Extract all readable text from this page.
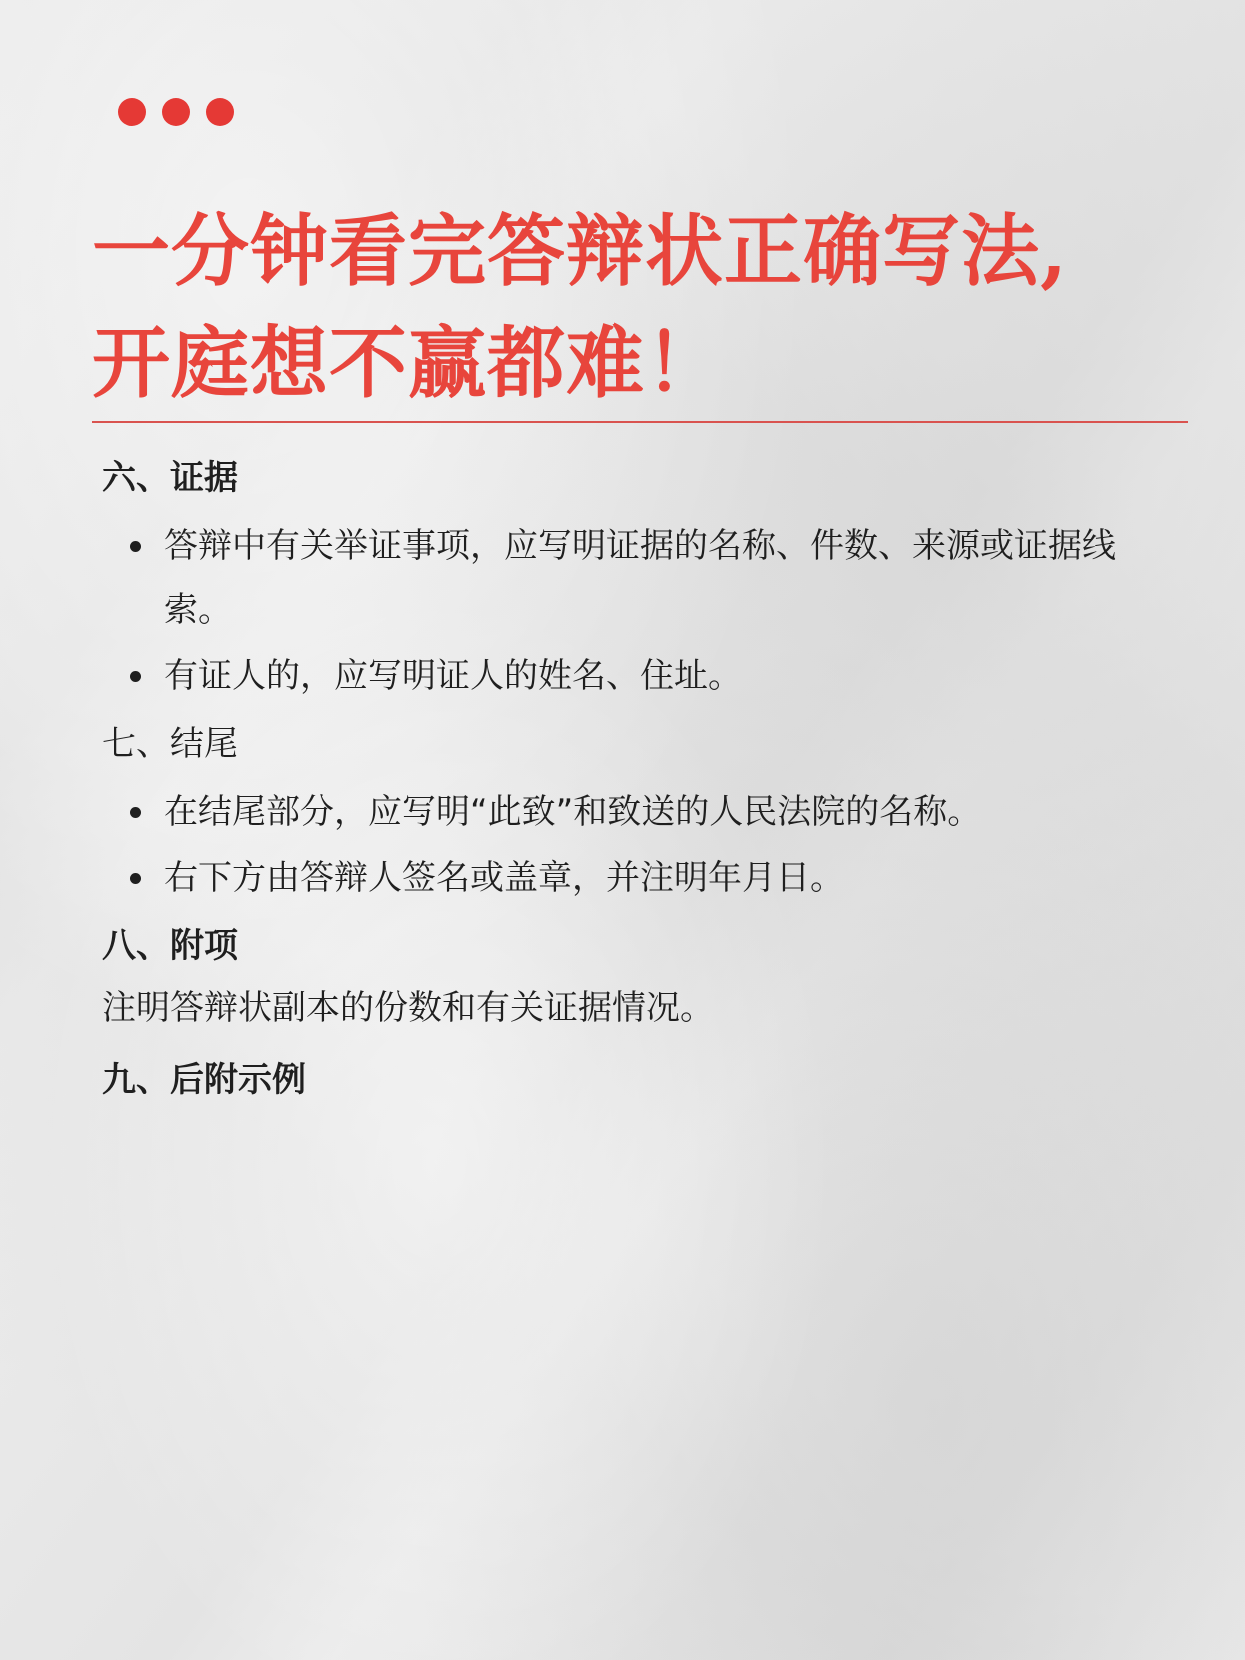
一分钟看完答辩状正确写法,
开庭想不赢都难！
六、证据
答辩中有关举证事项，应写明证据的名称、件数、来源或证据线索。
有证人的，应写明证人的姓名、住址。
七、结尾
在结尾部分，应写明“此致”和致送的人民法院的名称。
右下方由答辩人签名或盖章，并注明年月日。
八、附项

注明答辩状副本的份数和有关证据情况。

九、后附示例
